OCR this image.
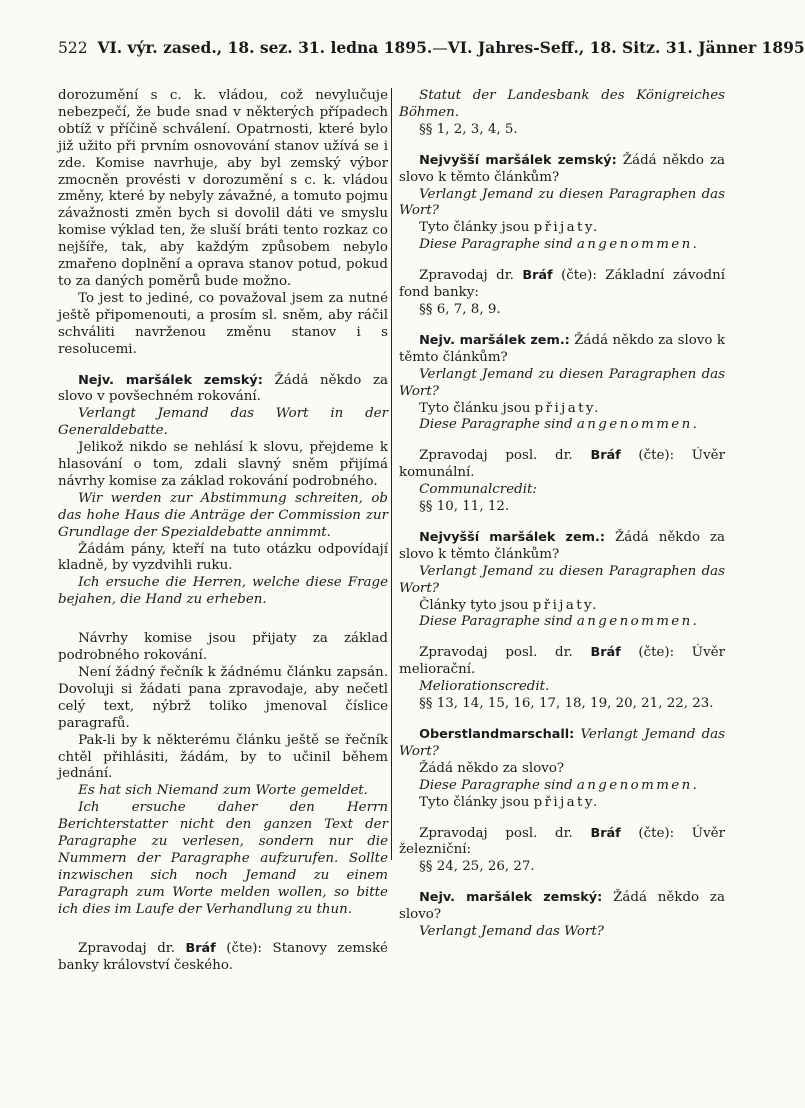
522 VI. výr. zased., 18. sez. 31. ledna 1895. — VI. Jahres-Seff., 18. Sitz. 31. Jänner 1895

dorozumění s c. k. vládou, což nevylučuje nebezpečí, že bude snad v některých případech obtíž v příčině schválení. Opatrnosti, které bylo již užito při prvním osnovování stanov užívá se i zde. Komise navrhuje, aby byl zemský výbor zmocněn provésti v dorozumění s c. k. vládou změny, které by nebyly závažné, a tomuto pojmu závažnosti změn bych si dovolil dáti ve smyslu komise výklad ten, že sluší bráti tento rozkaz co nejšíře, tak, aby každým způsobem nebylo zmařeno doplnění a oprava stanov potud, pokud to za daných poměrů bude možno.

To jest to jediné, co považoval jsem za nutné ještě připomenouti, a prosím sl. sněm, aby ráčil schváliti navrženou změnu stanov i s resolucemi.

Nejv. maršálek zemský: Žádá někdo za slovo v povšechném rokování.

Verlangt Jemand das Wort in der Generaldebatte.

Jelikož nikdo se nehlásí k slovu, přejdeme k hlasování o tom, zdali slavný sněm přijímá návrhy komise za základ rokování podrobného.

Wir werden zur Abstimmung schreiten, ob das hohe Haus die Anträge der Commission zur Grundlage der Spezialdebatte annimmt.

Žádám pány, kteří na tuto otázku odpovídají kladně, by vyzdvihli ruku.

Ich ersuche die Herren, welche diese Frage bejahen, die Hand zu erheben.

Návrhy komise jsou přijaty za základ podrobného rokování.

Není žádný řečník k žádnému článku zapsán. Dovoluji si žádati pana zpravodaje, aby nečetl celý text, nýbrž toliko jmenoval číslice paragrafů.

Pak-li by k některému článku ještě se řečník chtěl přihlásiti, žádám, by to učinil během jednání.

Es hat sich Niemand zum Worte gemeldet.

Ich ersuche daher den Herrn Berichterstatter nicht den ganzen Text der Paragraphe zu verlesen, sondern nur die Nummern der Paragraphe aufzurufen. Sollte inzwischen sich noch Jemand zu einem Paragraph zum Worte melden wollen, so bitte ich dies im Laufe der Verhandlung zu thun.

Zpravodaj dr. Bráf (čte): Stanovy zemské banky království českého.

Statut der Landesbank des Königreiches Böhmen.

§§ 1, 2, 3, 4, 5.

Nejvyšší maršálek zemský: Žádá někdo za slovo k těmto článkům?

Verlangt Jemand zu diesen Paragraphen das Wort?

Tyto články jsou přijaty.

Diese Paragraphe sind angenommen.

Zpravodaj dr. Bráf (čte): Základní závodní fond banky:

§§ 6, 7, 8, 9.

Nejv. maršálek zem.: Žádá někdo za slovo k těmto článkům?

Verlangt Jemand zu diesen Paragraphen das Wort?

Tyto článku jsou přijaty.

Diese Paragraphe sind angenommen.

Zpravodaj posl. dr. Bráf (čte): Úvěr komunální.

Communalcredit:

§§ 10, 11, 12.

Nejvyšší maršálek zem.: Žádá někdo za slovo k těmto článkům?

Verlangt Jemand zu diesen Paragraphen das Wort?

Články tyto jsou přijaty.

Diese Paragraphe sind angenommen.

Zpravodaj posl. dr. Bráf (čte): Úvěr meliorační.

Meliorationscredit.

§§ 13, 14, 15, 16, 17, 18, 19, 20, 21, 22, 23.

Oberstlandmarschall: Verlangt Jemand das Wort?

Žádá někdo za slovo?

Diese Paragraphe sind angenommen.

Tyto články jsou přijaty.

Zpravodaj posl. dr. Bráf (čte): Úvěr železniční:

§§ 24, 25, 26, 27.

Nejv. maršálek zemský: Žádá někdo za slovo?

Verlangt Jemand das Wort?
